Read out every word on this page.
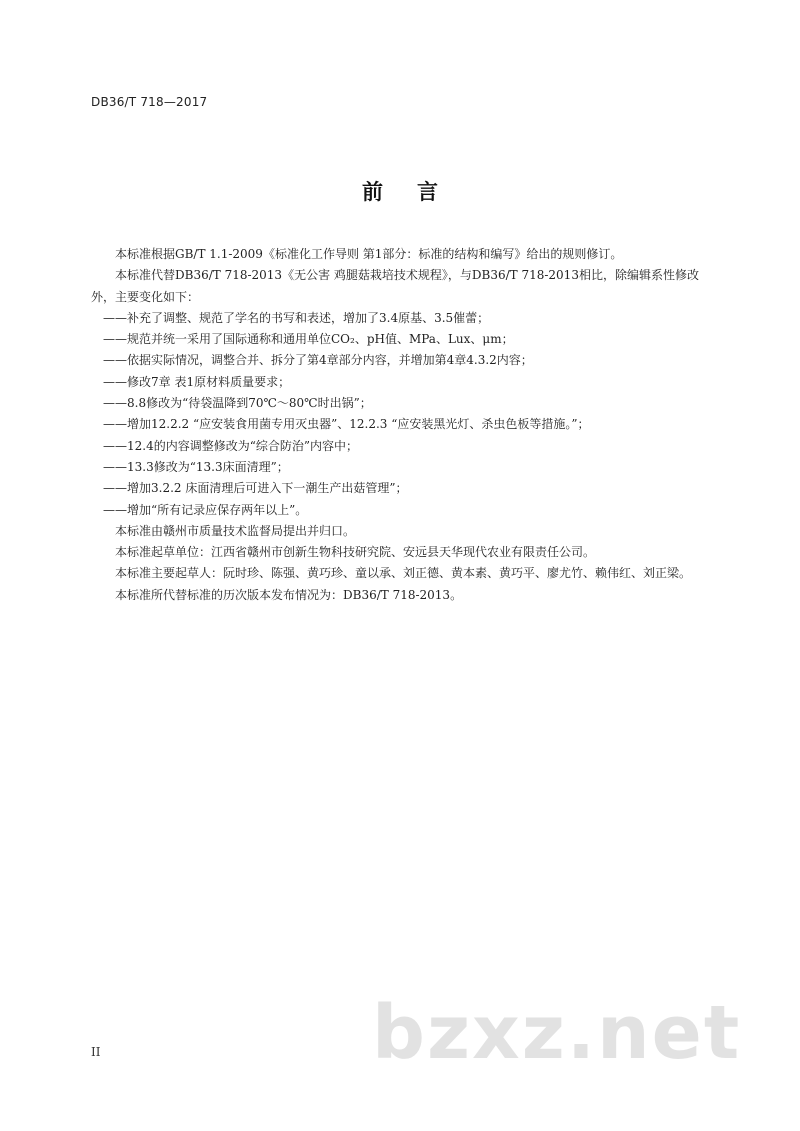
DB36/T 718—2017
前 言

本标准根据GB/T 1.1-2009《标准化工作导则 第1部分：标准的结构和编写》给出的规则修订。

本标准代替DB36/T 718-2013《无公害 鸡腿菇栽培技术规程》，与DB36/T 718-2013相比，除编辑系性修改外，主要变化如下：

——补充了调整、规范了学名的书写和表述，增加了3.4原基、3.5催蕾；

——规范并统一采用了国际通称和通用单位CO₂、pH值、MPa、Lux、μm；

——依据实际情况，调整合并、拆分了第4章部分内容，并增加第4章4.3.2内容；

——修改7章 表1原材料质量要求；

——8.8修改为“待袋温降到70℃～80℃时出锅”；

——增加12.2.2 “应安装食用菌专用灭虫器”、12.2.3 “应安装黑光灯、杀虫色板等措施。”；

——12.4的内容调整修改为“综合防治”内容中；

——13.3修改为“13.3床面清理”；

——增加3.2.2 床面清理后可进入下一潮生产出菇管理”；

——增加“所有记录应保存两年以上”。

本标准由赣州市质量技术监督局提出并归口。

本标准起草单位：江西省赣州市创新生物科技研究院、安远县天华现代农业有限责任公司。

本标准主要起草人：阮时珍、陈强、黄巧珍、童以承、刘正德、黄本素、黄巧平、廖尤竹、赖伟红、刘正梁。

本标准所代替标准的历次版本发布情况为：DB36/T 718-2013。

II	bzxz.net
